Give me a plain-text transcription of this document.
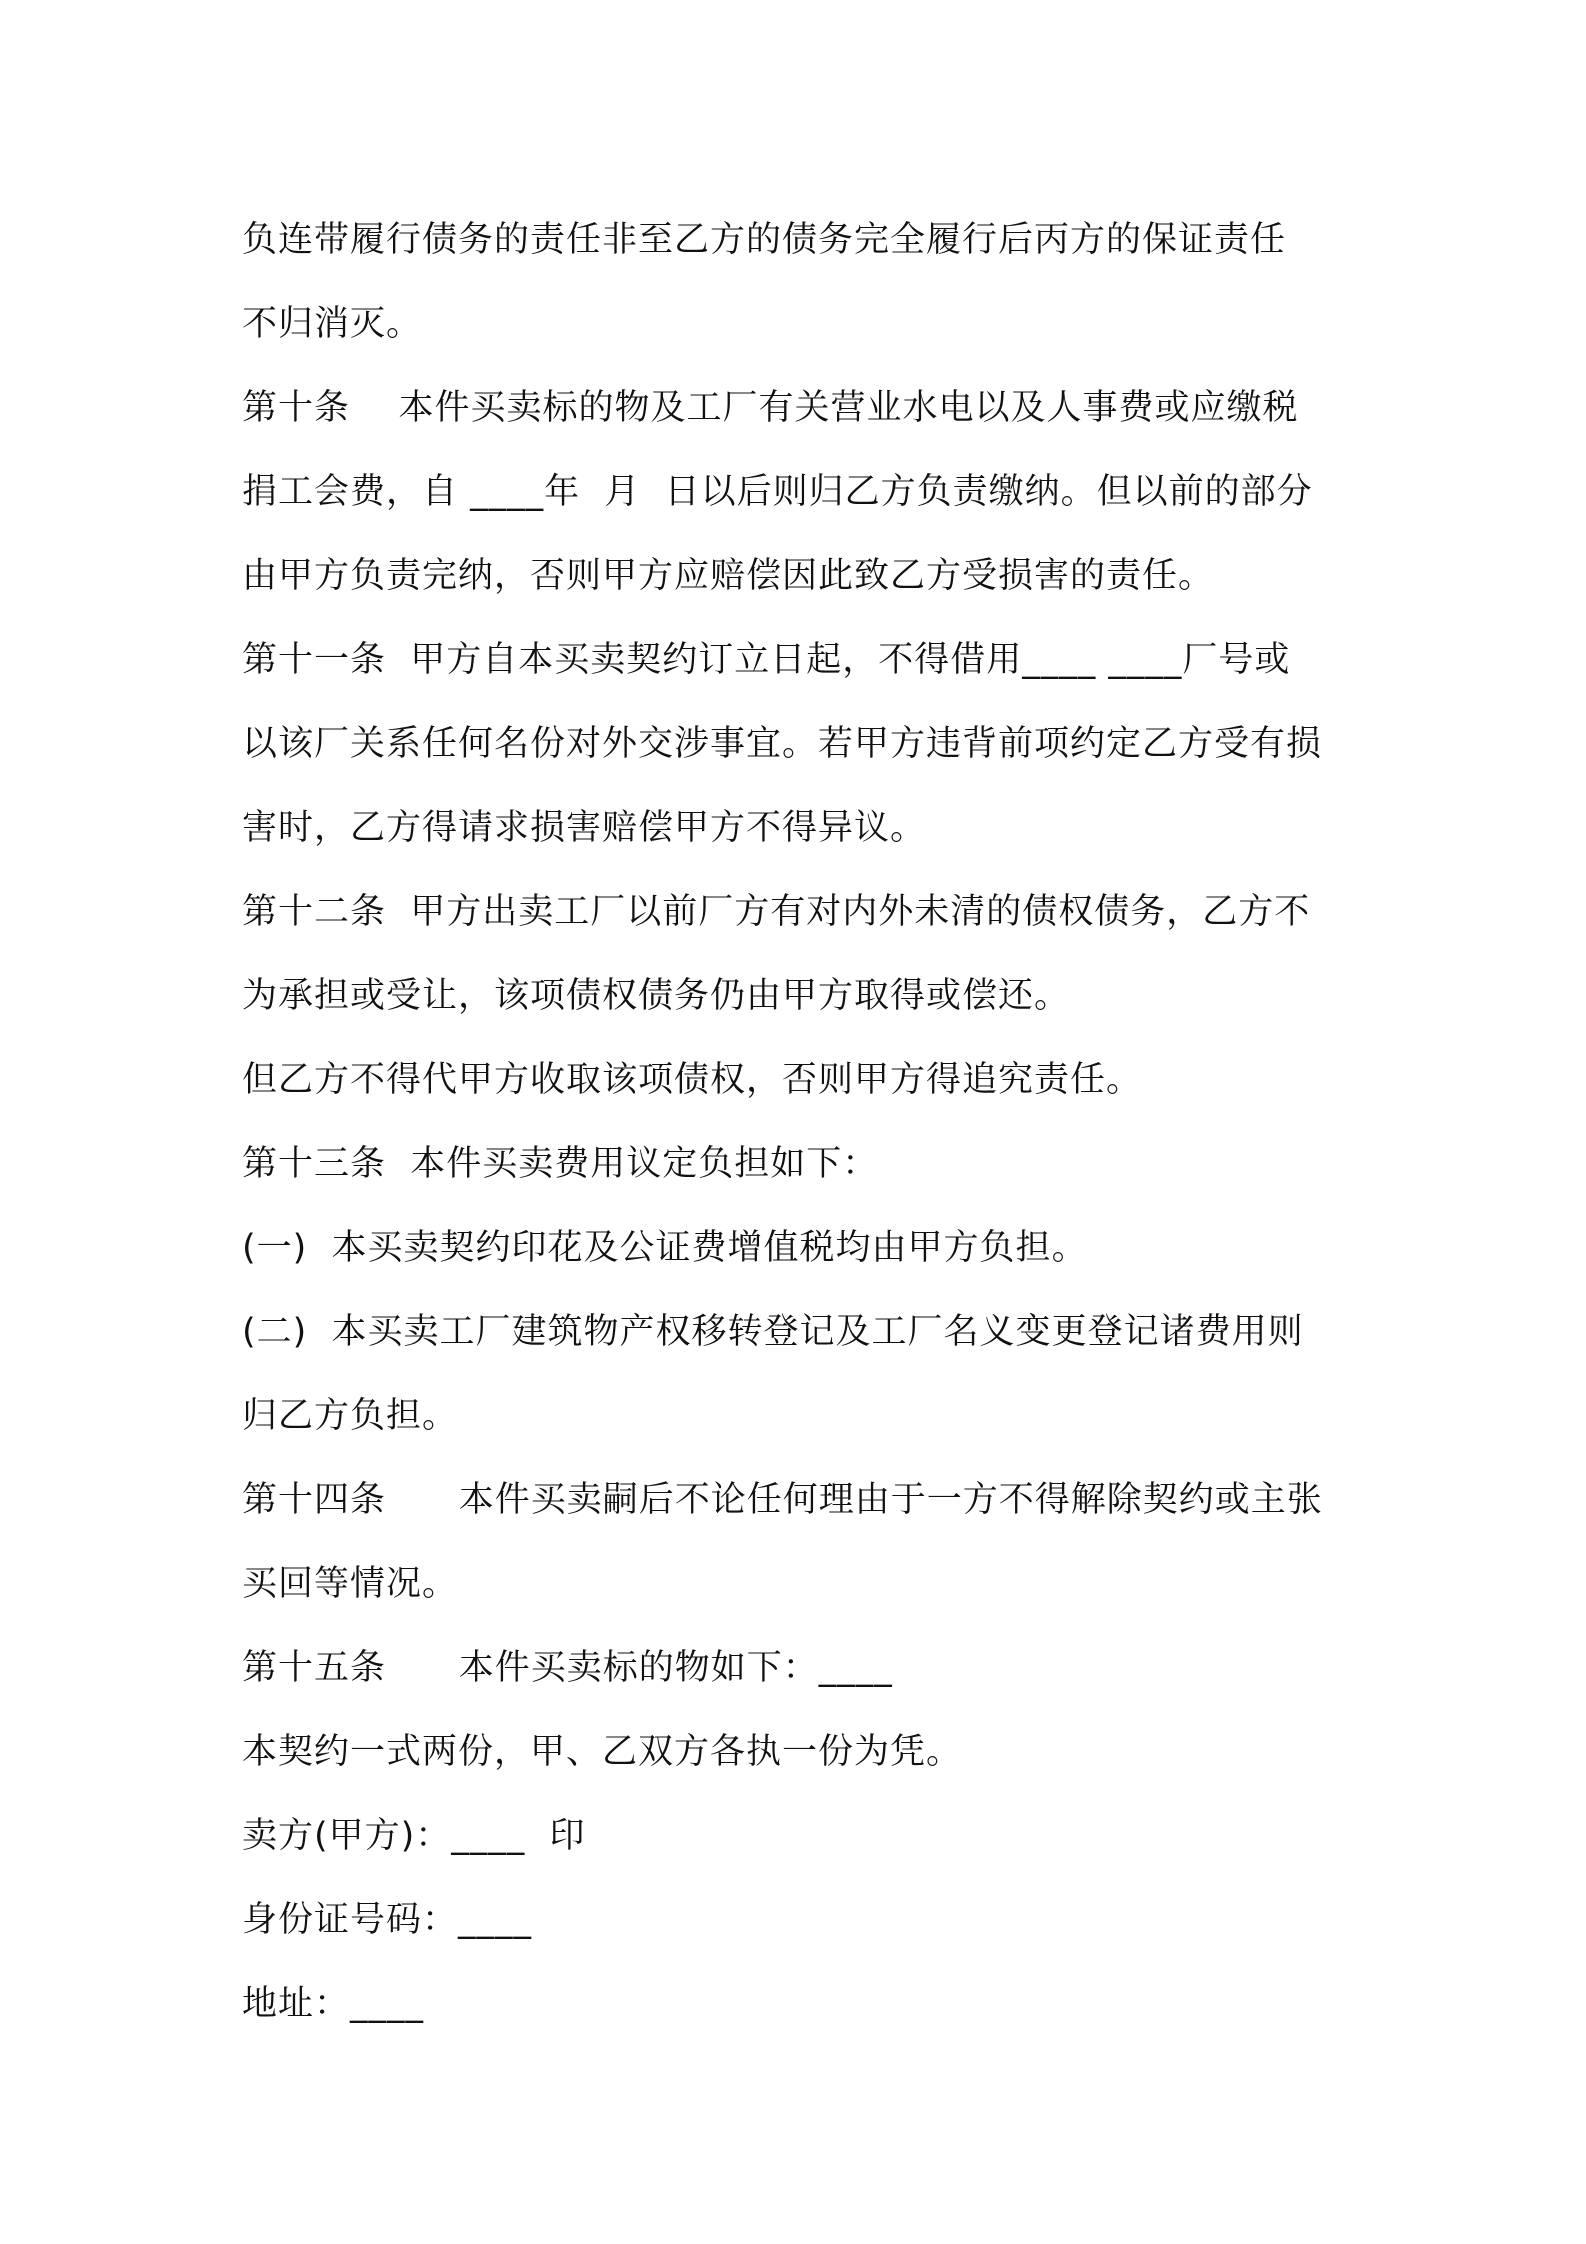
负连带履行债务的责任非至乙方的债务完全履行后丙方的保证责任
不归消灭。
第十条    本件买卖标的物及工厂有关营业水电以及人事费或应缴税
捐工会费，自 ____年  月  日以后则归乙方负责缴纳。但以前的部分
由甲方负责完纳，否则甲方应赔偿因此致乙方受损害的责任。
第十一条  甲方自本买卖契约订立日起，不得借用____ ____厂号或
以该厂关系任何名份对外交涉事宜。若甲方违背前项约定乙方受有损
害时，乙方得请求损害赔偿甲方不得异议。
第十二条  甲方出卖工厂以前厂方有对内外未清的债权债务，乙方不
为承担或受让，该项债权债务仍由甲方取得或偿还。
但乙方不得代甲方收取该项债权，否则甲方得追究责任。
第十三条  本件买卖费用议定负担如下：
(一)  本买卖契约印花及公证费增值税均由甲方负担。
(二)  本买卖工厂建筑物产权移转登记及工厂名义变更登记诸费用则
归乙方负担。
第十四条      本件买卖嗣后不论任何理由于一方不得解除契约或主张
买回等情况。
第十五条      本件买卖标的物如下：____
本契约一式两份，甲、乙双方各执一份为凭。
卖方(甲方)：____  印
身份证号码：____
地址：____
